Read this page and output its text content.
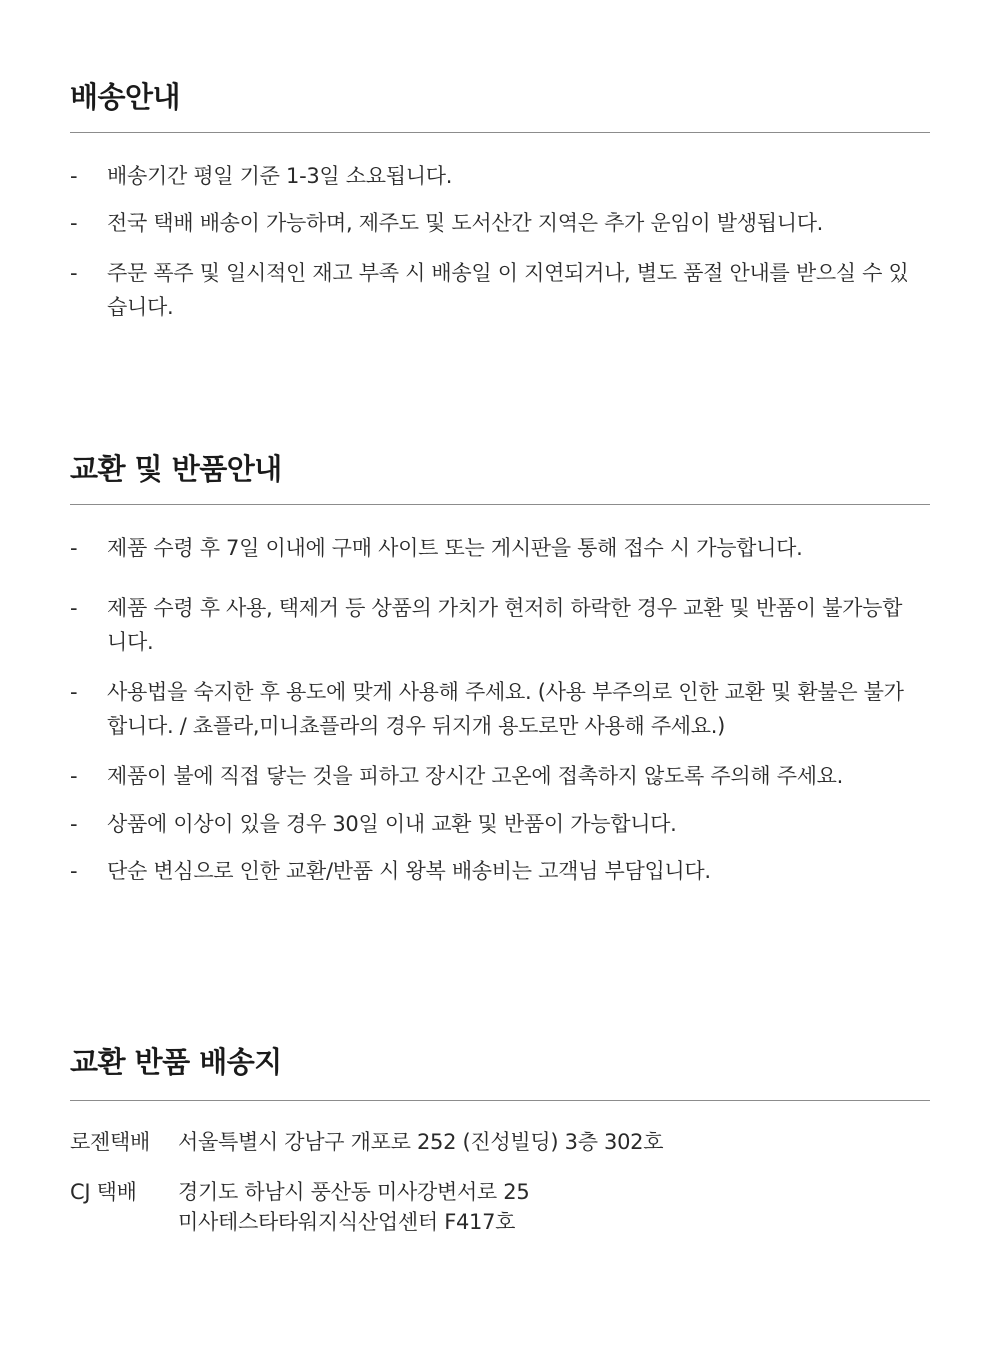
배송안내
-	배송기간 평일 기준 1-3일 소요됩니다.
-	전국 택배 배송이 가능하며, 제주도 및 도서산간 지역은 추가 운임이 발생됩니다.
-	주문 폭주 및 일시적인 재고 부족 시 배송일 이 지연되거나, 별도 품절 안내를 받으실 수 있습니다.
교환 및 반품안내
-	제품 수령 후 7일 이내에 구매 사이트 또는 게시판을 통해 접수 시 가능합니다.
-	제품 수령 후 사용, 택제거 등 상품의 가치가 현저히 하락한 경우 교환 및 반품이 불가능합니다.
-	사용법을 숙지한 후 용도에 맞게 사용해 주세요. (사용 부주의로 인한 교환 및 환불은 불가합니다. / 쵸플라,미니쵸플라의 경우 뒤지개 용도로만 사용해 주세요.)
-	제품이 불에 직접 닿는 것을 피하고 장시간 고온에 접촉하지 않도록 주의해 주세요.
-	상품에 이상이 있을 경우 30일 이내 교환 및 반품이 가능합니다.
-	단순 변심으로 인한 교환/반품 시 왕복 배송비는 고객님 부담입니다.
교환 반품 배송지
로젠택배	서울특별시 강남구 개포로 252 (진성빌딩) 3층 302호
CJ 택배	경기도 하남시 풍산동 미사강변서로 25
미사테스타타워지식산업센터 F417호
